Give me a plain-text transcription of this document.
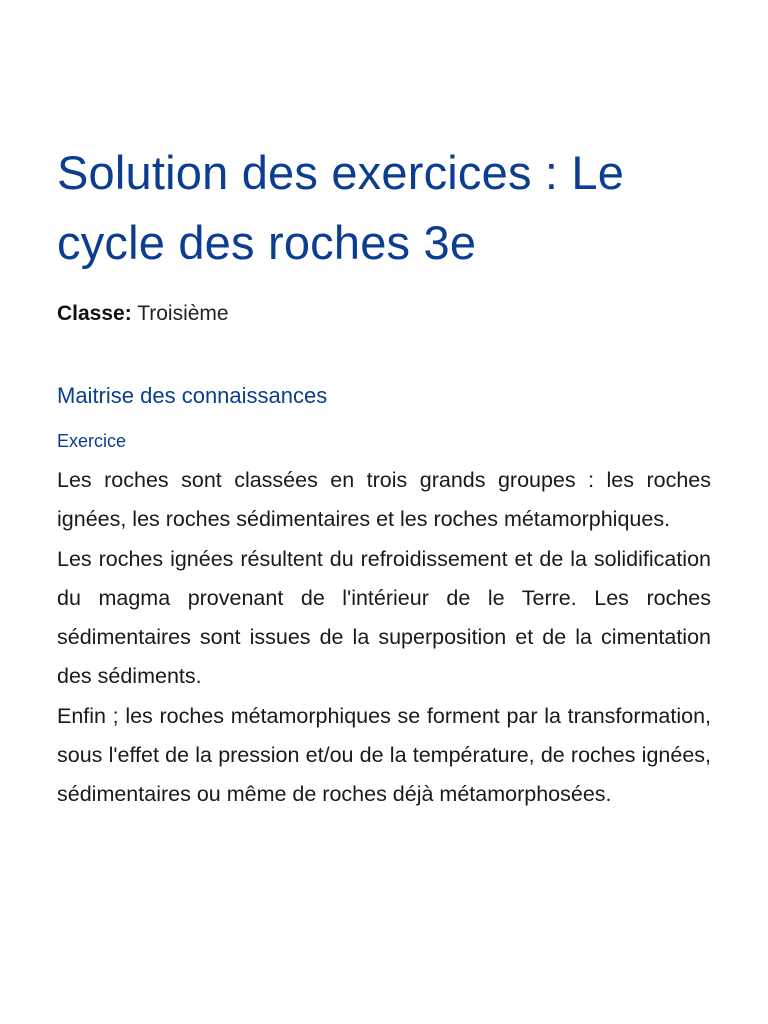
Solution des exercices : Le cycle des roches 3e

Classe: Troisième

Maitrise des connaissances
Exercice

Les roches sont classées en trois grands groupes : les roches ignées, les roches sédimentaires et les roches métamorphiques.

Les roches ignées résultent du refroidissement et de la solidification du magma provenant de l'intérieur de le Terre. Les roches sédimentaires sont issues de la superposition et de la cimentation des sédiments.

Enfin ; les roches métamorphiques se forment par la transformation, sous l'effet de la pression et/ou de la température, de roches ignées, sédimentaires ou même de roches déjà métamorphosées.
